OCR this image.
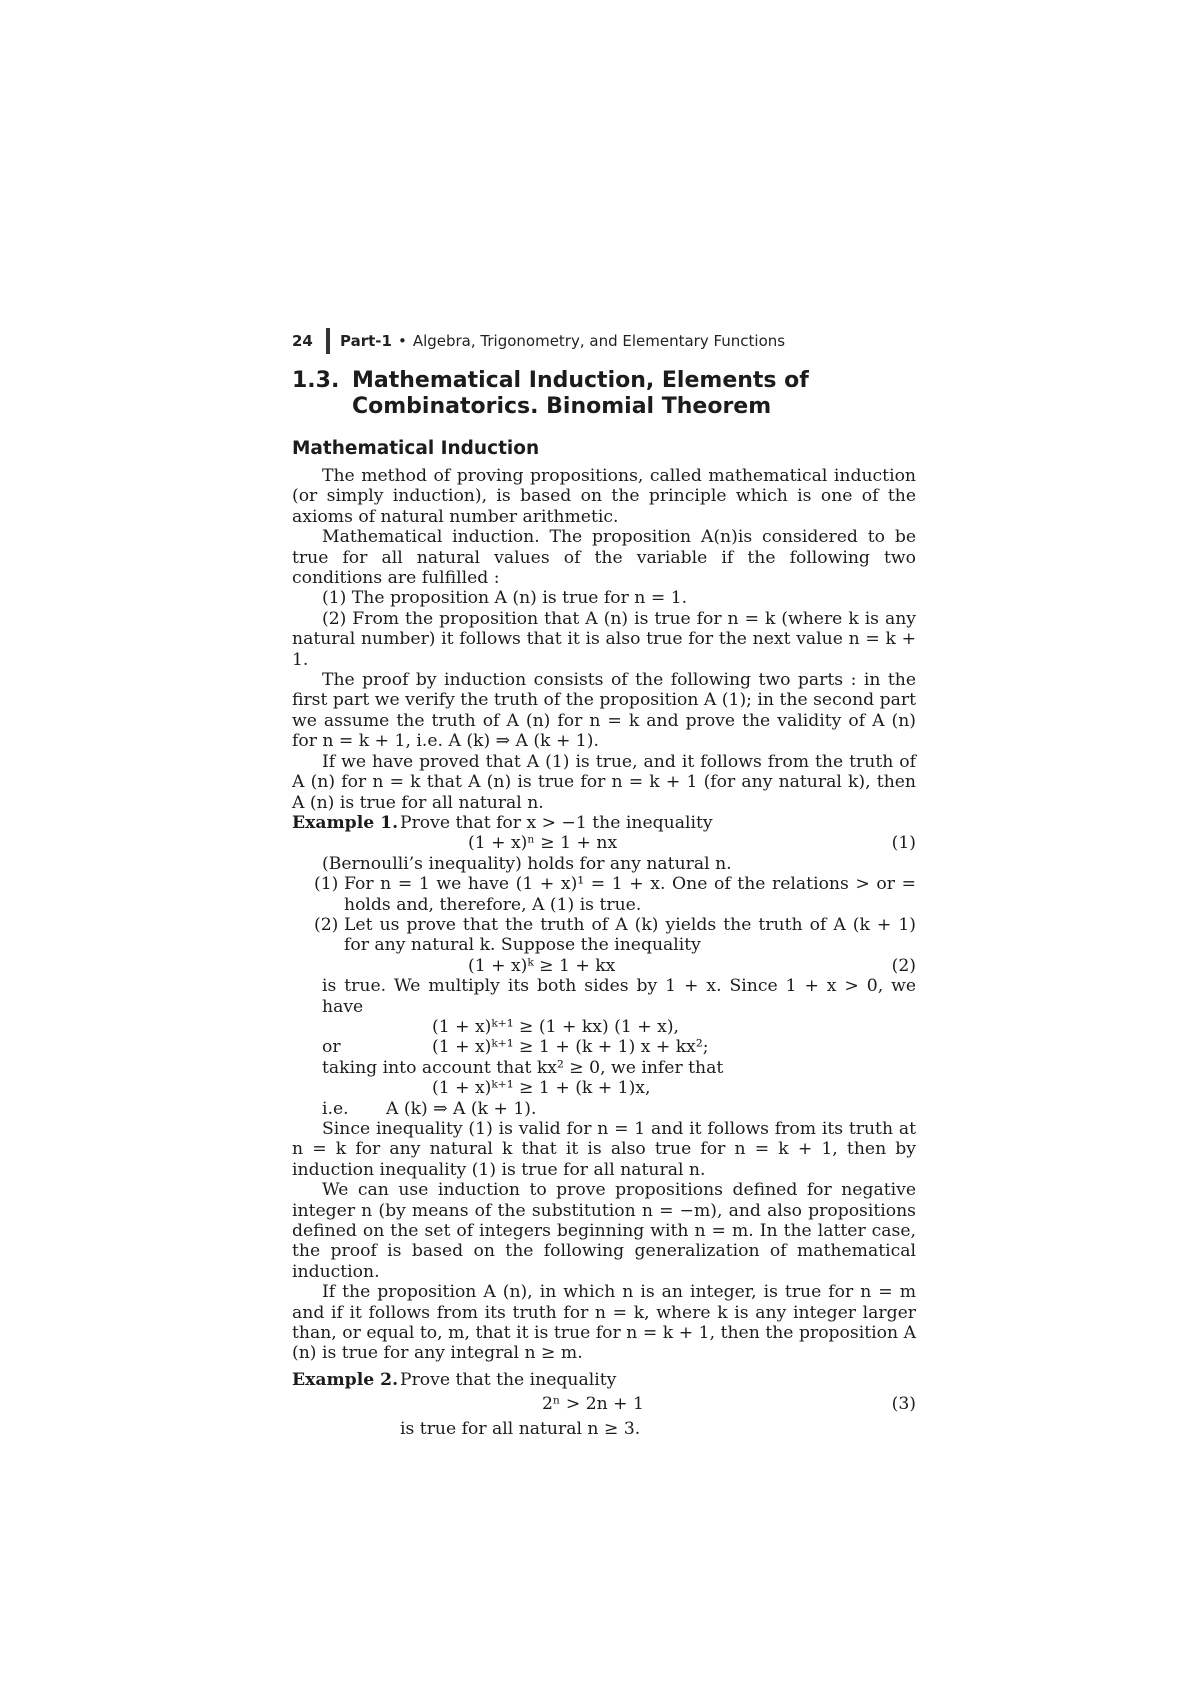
24	Part-1 • Algebra, Trigonometry, and Elementary Functions
1.3. Mathematical Induction, Elements of
Combinatorics. Binomial Theorem
Mathematical Induction

The method of proving propositions, called mathematical induction (or simply induction), is based on the principle which is one of the axioms of natural number arithmetic.

Mathematical induction. The proposition A(n)is considered to be true for all natural values of the variable if the following two conditions are fulfilled :

(1) The proposition A (n) is true for n = 1.

(2) From the proposition that A (n) is true for n = k (where k is any natural number) it follows that it is also true for the next value n = k + 1.

The proof by induction consists of the following two parts : in the first part we verify the truth of the proposition A (1); in the second part we assume the truth of A (n) for n = k and prove the validity of A (n) for n = k + 1, i.e. A (k) ⇒ A (k + 1).

If we have proved that A (1) is true, and it follows from the truth of A (n) for n = k that A (n) is true for n = k + 1 (for any natural k), then A (n) is true for all natural n.

Example 1. Prove that for x > −1 the inequality
(1 + x)ⁿ ≥ 1 + nx	(1)

(Bernoulli’s inequality) holds for any natural n.

(1) For n = 1 we have (1 + x)¹ = 1 + x. One of the relations > or = holds and, therefore, A (1) is true.
(2) Let us prove that the truth of A (k) yields the truth of A (k + 1) for any natural k. Suppose the inequality
(1 + x)ᵏ ≥ 1 + kx	(2)

is true. We multiply its both sides by 1 + x. Since 1 + x > 0, we have

(1 + x)ᵏ⁺¹ ≥ (1 + kx) (1 + x),
or	(1 + x)ᵏ⁺¹ ≥ 1 + (k + 1) x + kx²;

taking into account that kx² ≥ 0, we infer that

(1 + x)ᵏ⁺¹ ≥ 1 + (k + 1)x,
i.e.	A (k) ⇒ A (k + 1).

Since inequality (1) is valid for n = 1 and it follows from its truth at n = k for any natural k that it is also true for n = k + 1, then by induction inequality (1) is true for all natural n.

We can use induction to prove propositions defined for negative integer n (by means of the substitution n = −m), and also propositions defined on the set of integers beginning with n = m. In the latter case, the proof is based on the following generalization of mathematical induction.

If the proposition A (n), in which n is an integer, is true for n = m and if it follows from its truth for n = k, where k is any integer larger than, or equal to, m, that it is true for n = k + 1, then the proposition A (n) is true for any integral n ≥ m.

Example 2. Prove that the inequality
2ⁿ > 2n + 1	(3)

is true for all natural n ≥ 3.
